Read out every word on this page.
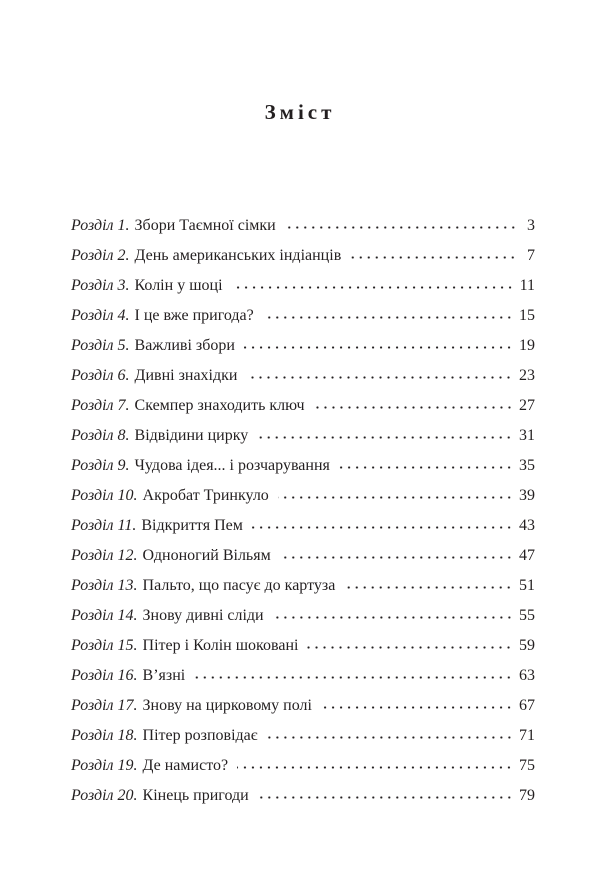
Зміст
Розділ 1. Збори Таємної сімки	3
Розділ 2. День американських індіанців	7
Розділ 3. Колін у шоці	11
Розділ 4. І це вже пригода?	15
Розділ 5. Важливі збори	19
Розділ 6. Дивні знахідки	23
Розділ 7. Скемпер знаходить ключ	27
Розділ 8. Відвідини цирку	31
Розділ 9. Чудова ідея... і розчарування	35
Розділ 10. Акробат Тринкуло	39
Розділ 11. Відкриття Пем	43
Розділ 12. Одноногий Вільям	47
Розділ 13. Пальто, що пасує до картуза	51
Розділ 14. Знову дивні сліди	55
Розділ 15. Пітер і Колін шоковані	59
Розділ 16. В’язні	63
Розділ 17. Знову на цирковому полі	67
Розділ 18. Пітер розповідає	71
Розділ 19. Де намисто?	75
Розділ 20. Кінець пригоди	79
